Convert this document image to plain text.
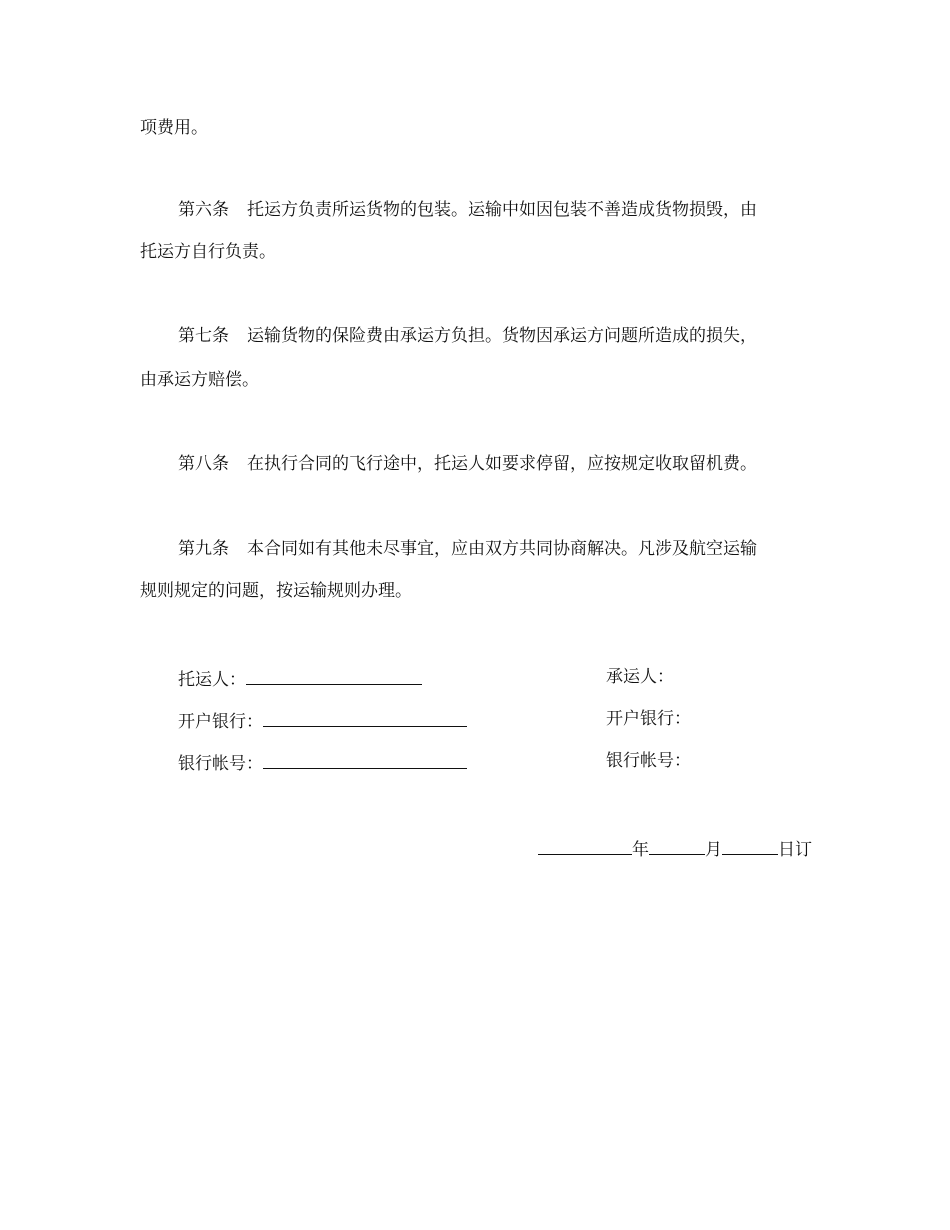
项费用。
第六条 托运方负责所运货物的包装。运输中如因包装不善造成货物损毁，由
托运方自行负责。
第七条 运输货物的保险费由承运方负担。货物因承运方问题所造成的损失，
由承运方赔偿。
第八条 在执行合同的飞行途中，托运人如要求停留，应按规定收取留机费。
第九条 本合同如有其他未尽事宜，应由双方共同协商解决。凡涉及航空运输
规则规定的问题，按运输规则办理。
托运人：
开户银行：
银行帐号：
承运人：
开户银行：
银行帐号：
年	月	日订
